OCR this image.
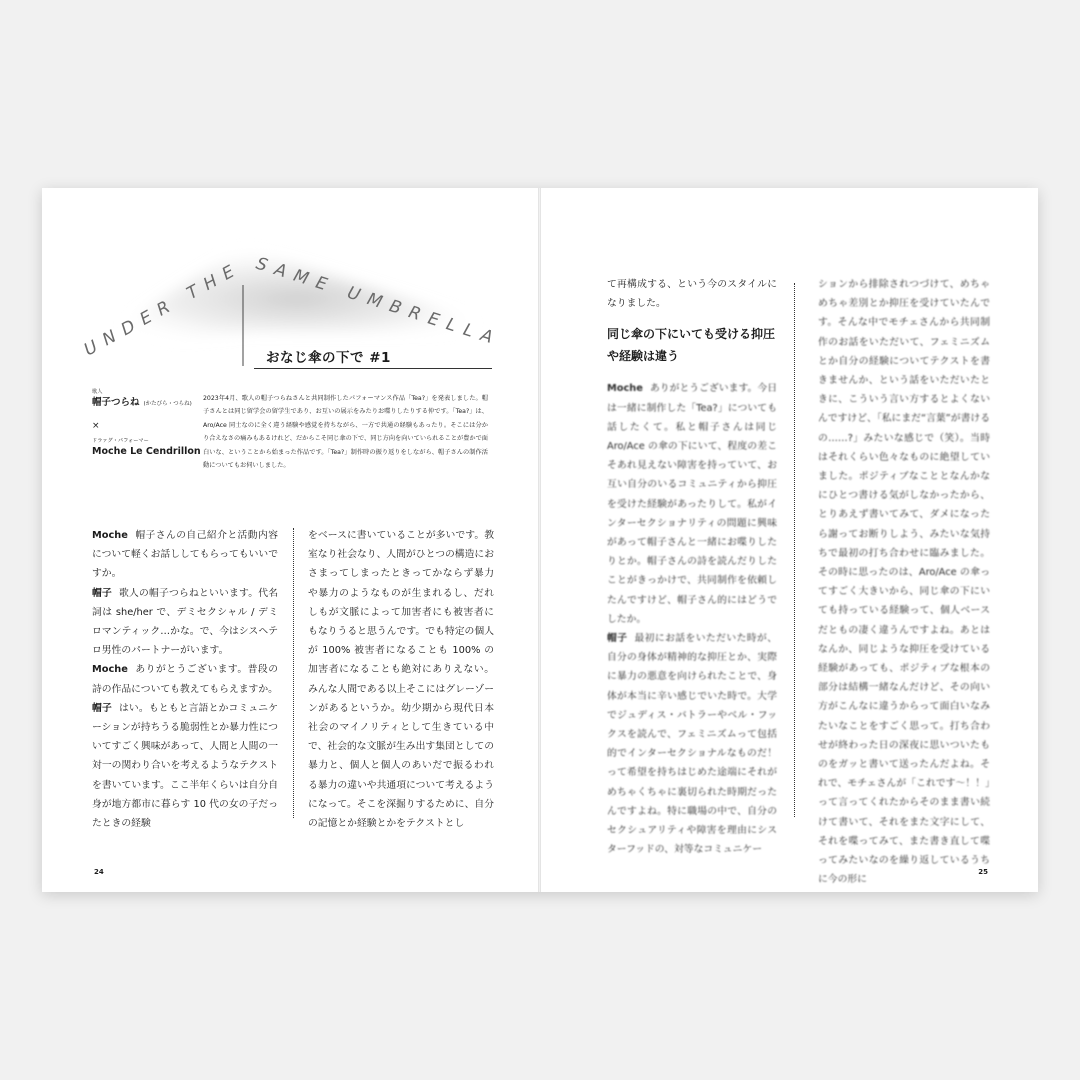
UNDER THE SAME UMBRELLA
おなじ傘の下で #1
歌人
帽子つらね (かたびら・つらね)
×
ドラァグ・パフォーマー
Moche Le Cendrillon

2023年4月、歌人の帽子つらねさんと共同制作したパフォーマンス作品「Tea?」を発表しました。帽子さんとは同じ留学会の留学生であり、お互いの展示をみたりお喋りしたりする仲です。「Tea?」は、Aro/Ace 同士なのに全く違う経験や感覚を持ちながら、一方で共通の経験もあったり。そこには分かり合えなさの痛みもあるけれど、だからこそ同じ傘の下で、同じ方向を向いていられることが豊かで面白いな、ということから始まった作品です。「Tea?」制作時の振り返りをしながら、帽子さんの制作活動についてもお伺いしました。

Moche 帽子さんの自己紹介と活動内容について軽くお話ししてもらってもいいですか。

帽子 歌人の帽子つらねといいます。代名詞は she/her で、デミセクシャル / デミロマンティック…かな。で、今はシスヘテロ男性のパートナーがいます。

Moche ありがとうございます。普段の詩の作品についても教えてもらえますか。

帽子 はい。もともと言語とかコミュニケーションが持ちうる脆弱性とか暴力性についてすごく興味があって、人間と人間の一対一の関わり合いを考えるようなテクストを書いています。ここ半年くらいは自分自身が地方都市に暮らす 10 代の女の子だったときの経験

をベースに書いていることが多いです。教室なり社会なり、人間がひとつの構造におさまってしまったときってかならず暴力や暴力のようなものが生まれるし、だれしもが文脈によって加害者にも被害者にもなりうると思うんです。でも特定の個人が 100% 被害者になることも 100% の加害者になることも絶対にありえない。みんな人間である以上そこにはグレーゾーンがあるというか。幼少期から現代日本社会のマイノリティとして生きている中で、社会的な文脈が生み出す集団としての暴力と、個人と個人のあいだで振るわれる暴力の違いや共通項について考えるようになって。そこを深掘りするために、自分の記憶とか経験とかをテクストとし

24

て再構成する、という今のスタイルになりました。

同じ傘の下にいても受ける抑圧や経験は違う

Moche ありがとうございます。今日は一緒に制作した「Tea?」についても話したくて。私と帽子さんは同じ Aro/Ace の傘の下にいて、程度の差こそあれ見えない障害を持っていて、お互い自分のいるコミュニティから抑圧を受けた経験があったりして。私がインターセクショナリティの問題に興味があって帽子さんと一緒にお喋りしたりとか。帽子さんの詩を読んだりしたことがきっかけで、共同制作を依頼したんですけど、帽子さん的にはどうでしたか。

帽子 最初にお話をいただいた時が、自分の身体が精神的な抑圧とか、実際に暴力の悪意を向けられたことで、身体が本当に辛い感じでいた時で。大学でジュディス・バトラーやベル・フックスを読んで、フェミニズムって包括的でインターセクショナルなものだ！って希望を持ちはじめた途端にそれがめちゃくちゃに裏切られた時期だったんですよね。特に職場の中で、自分のセクシュアリティや障害を理由にシスターフッドの、対等なコミュニケー

ションから排除されつづけて、めちゃめちゃ差別とか抑圧を受けていたんです。そんな中でモチェさんから共同制作のお話をいただいて、フェミニズムとか自分の経験についてテクストを書きませんか、という話をいただいたときに、こういう言い方するとよくないんですけど、「私にまだ“言葉”が書けるの……?」みたいな感じで（笑）。当時はそれくらい色々なものに絶望していました。ポジティブなこととなんかなにひとつ書ける気がしなかったから、とりあえず書いてみて、ダメになったら謝ってお断りしよう、みたいな気持ちで最初の打ち合わせに臨みました。その時に思ったのは、Aro/Ace の傘ってすごく大きいから、同じ傘の下にいても持っている経験って、個人ベースだともの凄く違うんですよね。あとはなんか、同じような抑圧を受けている経験があっても、ポジティブな根本の部分は結構一緒なんだけど、その向い方がこんなに違うからって面白いなみたいなことをすごく思って。打ち合わせが終わった日の深夜に思いついたものをガッと書いて送ったんだよね。それで、モチェさんが「これです〜！！」って言ってくれたからそのまま書い続けて書いて、それをまた文字にして、それを喋ってみて、また書き直して喋ってみたいなのを繰り返しているうちに今の形に

25
